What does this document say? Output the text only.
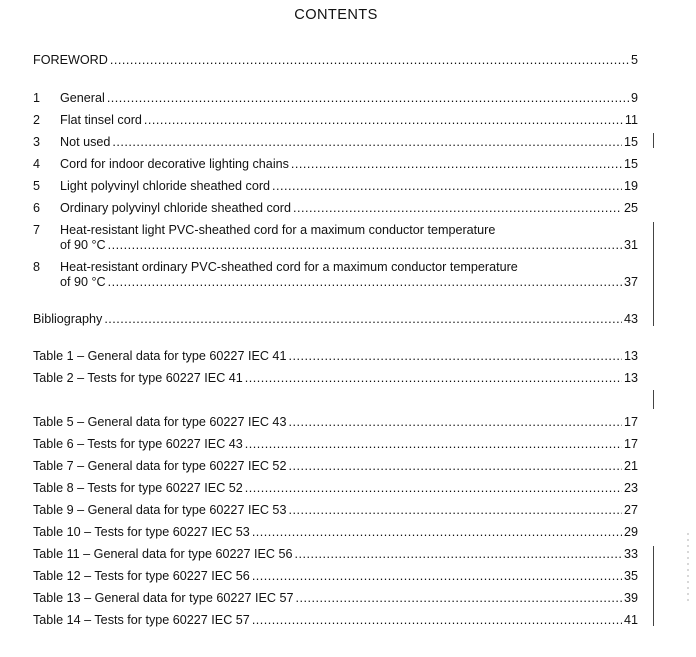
CONTENTS
FOREWORD .....	5
1	General .....	9
2	Flat tinsel cord .....	11
3	Not used .....	15
4	Cord for indoor decorative lighting chains .....	15
5	Light polyvinyl chloride sheathed cord .....	19
6	Ordinary polyvinyl chloride sheathed cord .....	25
7 Heat-resistant light PVC-sheathed cord for a maximum conductor temperature
of 90 °C .....	31
8 Heat-resistant ordinary PVC-sheathed cord for a maximum conductor temperature
of 90 °C .....	37
Bibliography .....	43
Table 1 – General data for type 60227 IEC 41 .....	13
Table 2 – Tests for type 60227 IEC 41 .....	13
Table 5 – General data for type 60227 IEC 43 .....	17
Table 6 – Tests for type 60227 IEC 43 .....	17
Table 7 – General data for type 60227 IEC 52 .....	21
Table 8 – Tests for type 60227 IEC 52 .....	23
Table 9 – General data for type 60227 IEC 53 .....	27
Table 10 – Tests for type 60227 IEC 53 .....	29
Table 11 – General data for type 60227 IEC 56 .....	33
Table 12 – Tests for type 60227 IEC 56 .....	35
Table 13 – General data for type 60227 IEC 57 .....	39
Table 14 – Tests for type 60227 IEC 57 .....	41
